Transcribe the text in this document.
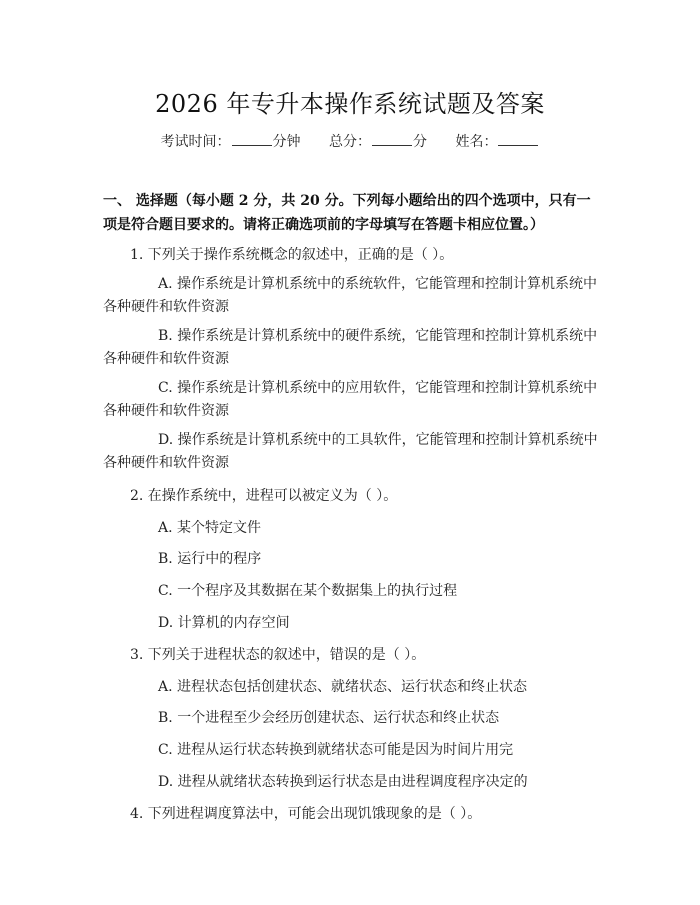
2026 年专升本操作系统试题及答案
考试时间：	分钟 总分：	分 姓名：
一、 选择题（每小题 2 分，共 20 分。下列每小题给出的四个选项中，只有一项是符合题目要求的。请将正确选项前的字母填写在答题卡相应位置。）
1. 下列关于操作系统概念的叙述中，正确的是（ ）。
A. 操作系统是计算机系统中的系统软件，它能管理和控制计算机系统中
各种硬件和软件资源
B. 操作系统是计算机系统中的硬件系统，它能管理和控制计算机系统中
各种硬件和软件资源
C. 操作系统是计算机系统中的应用软件，它能管理和控制计算机系统中
各种硬件和软件资源
D. 操作系统是计算机系统中的工具软件，它能管理和控制计算机系统中
各种硬件和软件资源
2. 在操作系统中，进程可以被定义为（ ）。
A. 某个特定文件
B. 运行中的程序
C. 一个程序及其数据在某个数据集上的执行过程
D. 计算机的内存空间
3. 下列关于进程状态的叙述中，错误的是（ ）。
A. 进程状态包括创建状态、就绪状态、运行状态和终止状态
B. 一个进程至少会经历创建状态、运行状态和终止状态
C. 进程从运行状态转换到就绪状态可能是因为时间片用完
D. 进程从就绪状态转换到运行状态是由进程调度程序决定的
4. 下列进程调度算法中，可能会出现饥饿现象的是（ ）。
